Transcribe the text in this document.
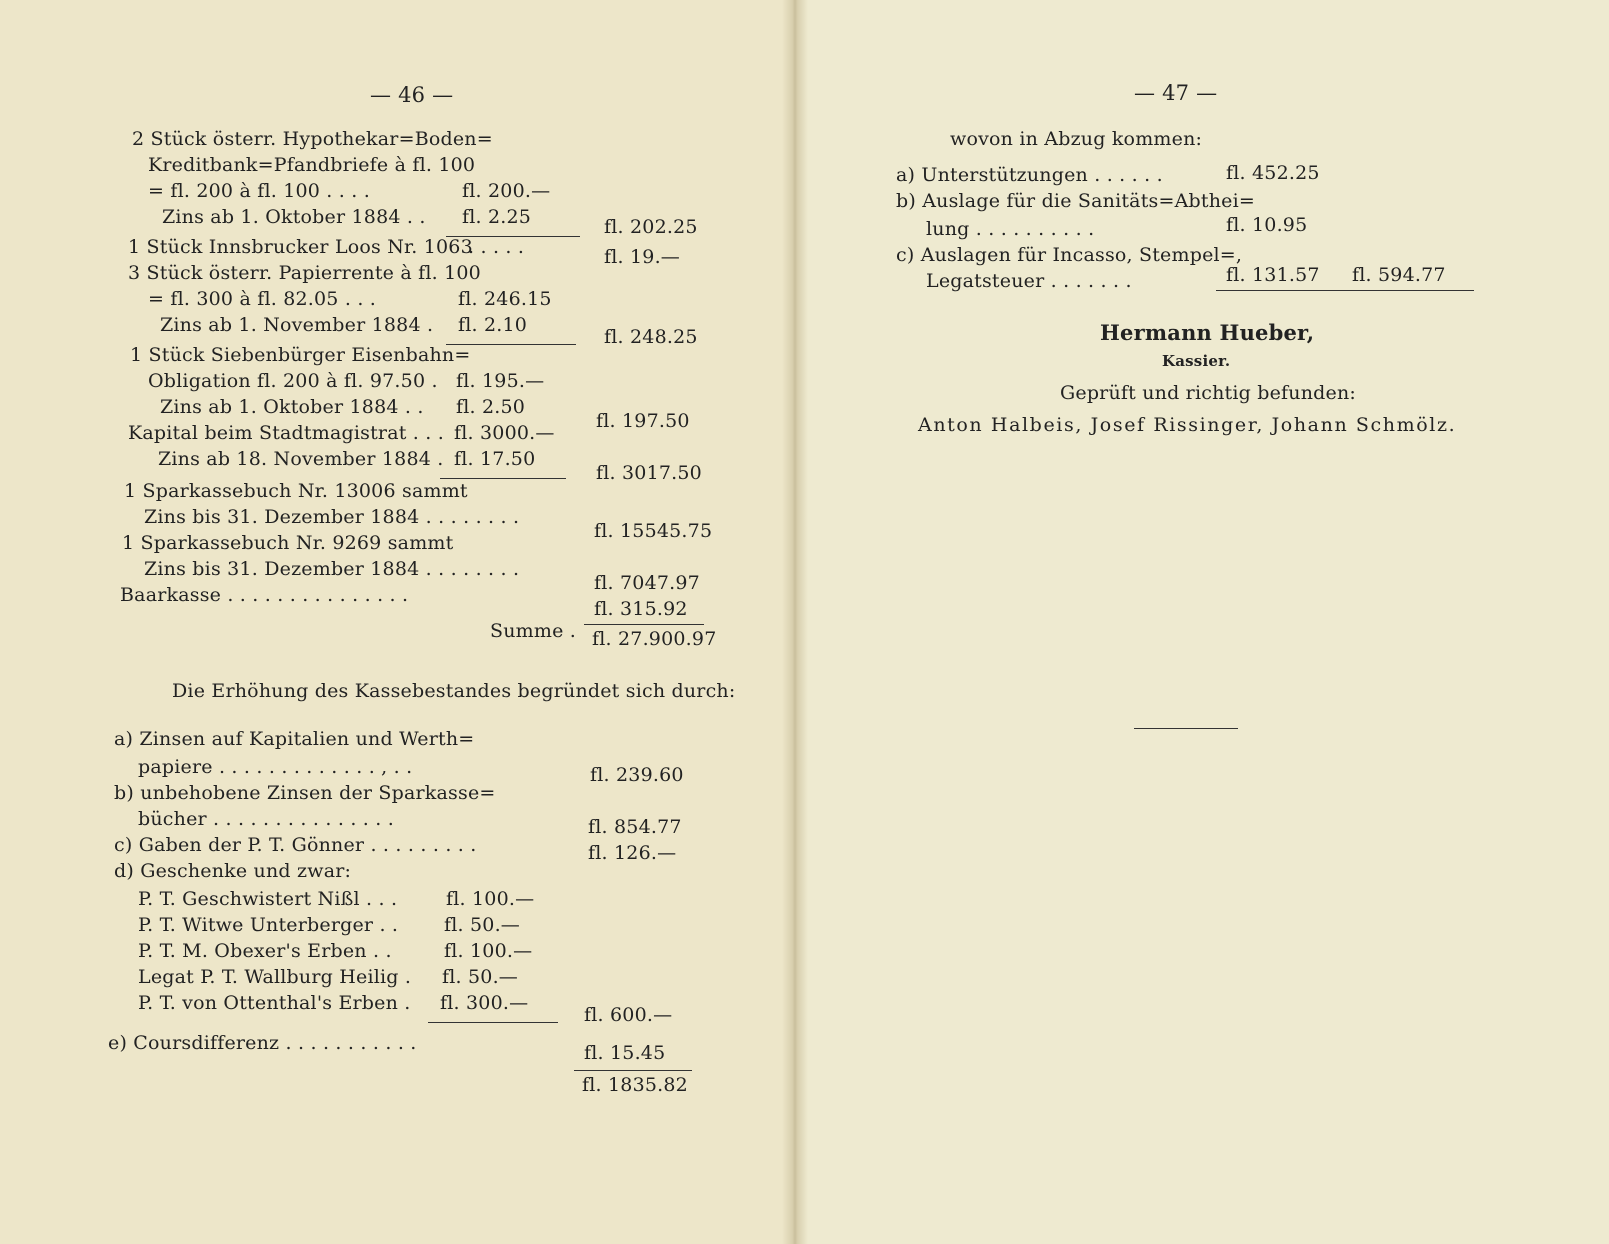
— 46 —
2 Stück österr. Hypothekar=Boden=
Kreditbank=Pfandbriefe à fl. 100
= fl. 200 à fl. 100 . . . .
Zins ab 1. Oktober 1884 . .
1 Stück Innsbrucker Loos Nr. 1063
3 Stück österr. Papierrente à fl. 100
= fl. 300 à fl. 82.05 . . .
Zins ab 1. November 1884 .
1 Stück Siebenbürger Eisenbahn=
Obligation fl. 200 à fl. 97.50 .
Zins ab 1. Oktober 1884 . .
Kapital beim Stadtmagistrat . . .
Zins ab 18. November 1884 .
1 Sparkassebuch Nr. 13006 sammt
Zins bis 31. Dezember 1884 . . . . . . . .
1 Sparkassebuch Nr. 9269 sammt
Zins bis 31. Dezember 1884 . . . . . . . .
Baarkasse . . . . . . . . . . . . . . .
Summe .
fl. 200.—
fl. 2.25
. . . . .
fl. 246.15
fl. 2.10
fl. 195.—
fl. 2.50
fl. 3000.—
fl. 17.50
fl. 202.25
fl. 19.—
fl. 248.25
fl. 197.50
fl. 3017.50
fl. 15545.75
fl. 7047.97
fl. 315.92
fl. 27.900.97
Die Erhöhung des Kassebestandes begründet sich durch:
a) Zinsen auf Kapitalien und Werth=
papiere . . . . . . . . . . . . . , . .
b) unbehobene Zinsen der Sparkasse=
bücher . . . . . . . . . . . . . . .
c) Gaben der P. T. Gönner . . . . . . . . .
d) Geschenke und zwar:
P. T. Geschwistert Nißl . . .
P. T. Witwe Unterberger . .
P. T. M. Obexer's Erben . .
Legat P. T. Wallburg Heilig .
P. T. von Ottenthal's Erben .
e) Coursdifferenz . . . . . . . . . . .
fl. 100.—
fl. 50.—
fl. 100.—
fl. 50.—
fl. 300.—
fl. 239.60
fl. 854.77
fl. 126.—
fl. 600.—
fl. 15.45
fl. 1835.82
— 47 —
wovon in Abzug kommen:
a) Unterstützungen . . . . . .
b) Auslage für die Sanitäts=Abthei=
lung . . . . . . . . . .
c) Auslagen für Incasso, Stempel=,
Legatsteuer . . . . . . .
fl. 452.25
fl. 10.95
fl. 131.57 fl. 594.77
Hermann Hueber,
Kassier.
Geprüft und richtig befunden:
Anton Halbeis, Josef Rissinger, Johann Schmölz.
